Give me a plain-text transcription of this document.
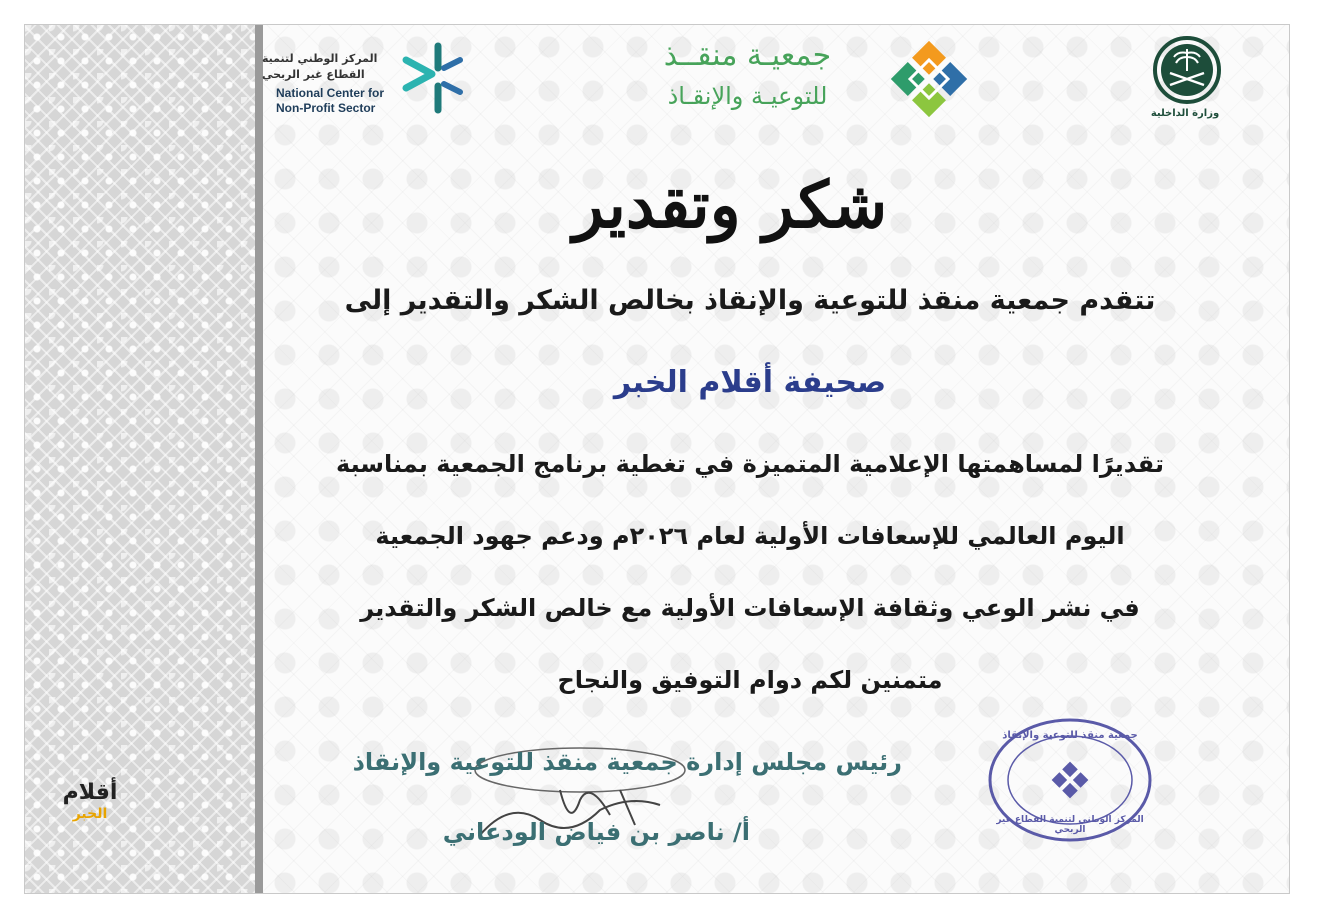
وزارة الداخلية
جمعيـة منقــذ
للتوعيـة والإنقـاذ
المركز الوطني لتنمية
القطاع غير الربحي
National Center for
Non-Profit Sector
شكر وتقدير
تتقدم جمعية منقذ للتوعية والإنقاذ بخالص الشكر والتقدير إلى
صحيفة أقلام الخبر
تقديرًا لمساهمتها الإعلامية المتميزة في تغطية برنامج الجمعية بمناسبة
اليوم العالمي للإسعافات الأولية لعام ٢٠٢٦م ودعم جهود الجمعية
في نشر الوعي وثقافة الإسعافات الأولية مع خالص الشكر والتقدير
متمنين لكم دوام التوفيق والنجاح
رئيس مجلس إدارة جمعية منقذ للتوعية والإنقاذ
أ/ ناصر بن فياض الودعاني
جمعية منقذ للتوعية والإنقاذ
المركز الوطني لتنمية القطاع غير الربحي
أقلام
الخبر
